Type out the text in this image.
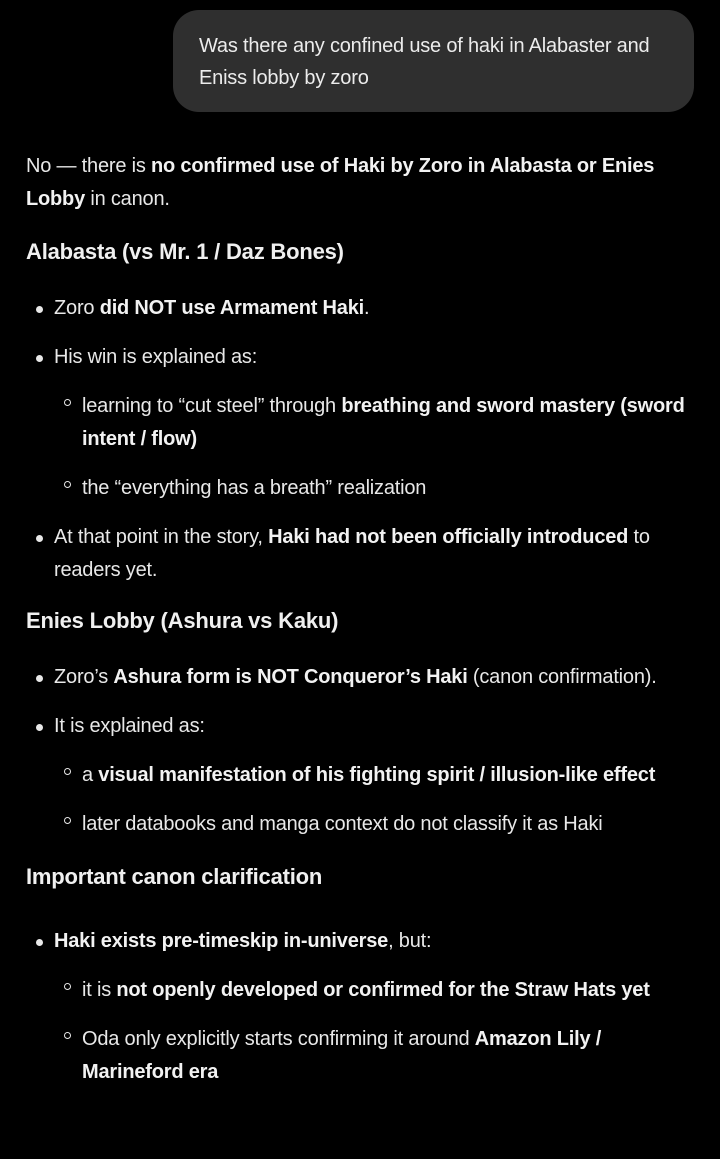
Was there any confined use of haki in Alabaster and Eniss lobby by zoro

No — there is no confirmed use of Haki by Zoro in Alabasta or Enies Lobby in canon.

Alabasta (vs Mr. 1 / Daz Bones)
Zoro did NOT use Armament Haki.
His win is explained as:
learning to “cut steel” through breathing and sword mastery (sword intent / flow)
the “everything has a breath” realization
At that point in the story, Haki had not been officially introduced to readers yet.
Enies Lobby (Ashura vs Kaku)
Zoro’s Ashura form is NOT Conqueror’s Haki (canon confirmation).
It is explained as:
a visual manifestation of his fighting spirit / illusion-like effect
later databooks and manga context do not classify it as Haki
Important canon clarification
Haki exists pre-timeskip in-universe, but:
it is not openly developed or confirmed for the Straw Hats yet
Oda only explicitly starts confirming it around Amazon Lily / Marineford era
